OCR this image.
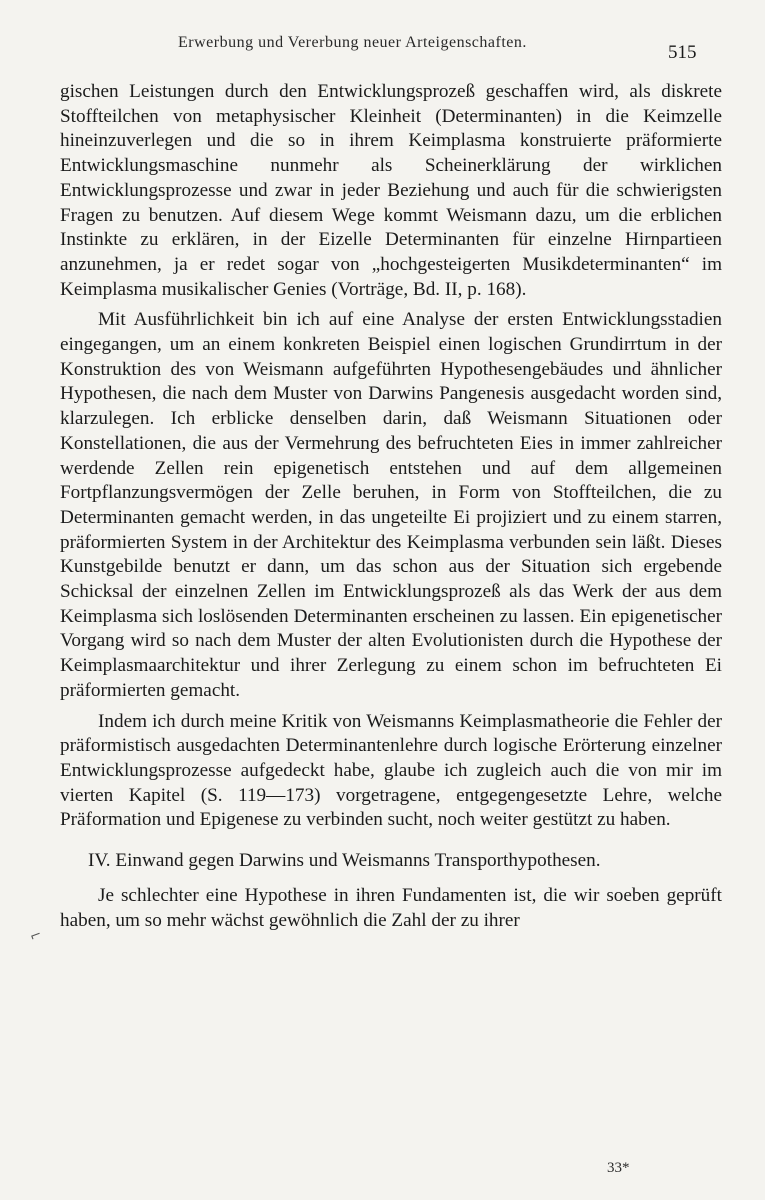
Erwerbung und Vererbung neuer Arteigenschaften.	515

gischen Leistungen durch den Entwicklungsprozeß geschaffen wird, als diskrete Stoffteilchen von metaphysischer Kleinheit (Determinanten) in die Keimzelle hineinzuverlegen und die so in ihrem Keimplasma konstruierte präformierte Entwicklungsmaschine nunmehr als Scheinerklärung der wirklichen Entwicklungsprozesse und zwar in jeder Beziehung und auch für die schwierigsten Fragen zu benutzen. Auf diesem Wege kommt Weismann dazu, um die erblichen Instinkte zu erklären, in der Eizelle Determinanten für einzelne Hirnpartieen anzunehmen, ja er redet sogar von „hochgesteigerten Musikdeterminanten“ im Keimplasma musikalischer Genies (Vorträge, Bd. II, p. 168).

Mit Ausführlichkeit bin ich auf eine Analyse der ersten Entwicklungsstadien eingegangen, um an einem konkreten Beispiel einen logischen Grundirrtum in der Konstruktion des von Weismann aufgeführten Hypothesengebäudes und ähnlicher Hypothesen, die nach dem Muster von Darwins Pangenesis ausgedacht worden sind, klarzulegen. Ich erblicke denselben darin, daß Weismann Situationen oder Konstellationen, die aus der Vermehrung des befruchteten Eies in immer zahlreicher werdende Zellen rein epigenetisch entstehen und auf dem allgemeinen Fortpflanzungsvermögen der Zelle beruhen, in Form von Stoffteilchen, die zu Determinanten gemacht werden, in das ungeteilte Ei projiziert und zu einem starren, präformierten System in der Architektur des Keimplasma verbunden sein läßt. Dieses Kunstgebilde benutzt er dann, um das schon aus der Situation sich ergebende Schicksal der einzelnen Zellen im Entwicklungsprozeß als das Werk der aus dem Keimplasma sich loslösenden Determinanten erscheinen zu lassen. Ein epigenetischer Vorgang wird so nach dem Muster der alten Evolutionisten durch die Hypothese der Keimplasmaarchitektur und ihrer Zerlegung zu einem schon im befruchteten Ei präformierten gemacht.

Indem ich durch meine Kritik von Weismanns Keimplasmatheorie die Fehler der präformistisch ausgedachten Determinantenlehre durch logische Erörterung einzelner Entwicklungsprozesse aufgedeckt habe, glaube ich zugleich auch die von mir im vierten Kapitel (S. 119—173) vorgetragene, entgegengesetzte Lehre, welche Präformation und Epigenese zu verbinden sucht, noch weiter gestützt zu haben.

IV. Einwand gegen Darwins und Weismanns Transporthypothesen.

Je schlechter eine Hypothese in ihren Fundamenten ist, die wir soeben geprüft haben, um so mehr wächst gewöhnlich die Zahl der zu ihrer

⌐
33*
